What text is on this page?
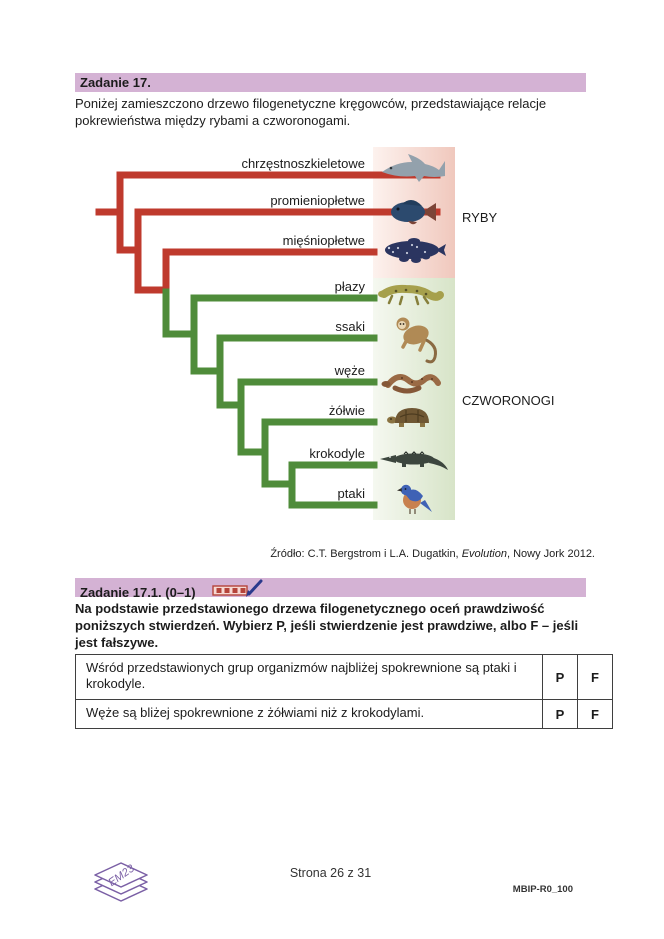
Zadanie 17.
Poniżej zamieszczono drzewo filogenetyczne kręgowców, przedstawiające relacje pokrewieństwa między rybami a czworonogami.
chrzęstnoszkieletowe
promieniopłetwe
mięśniopłetwe
płazy
ssaki
węże
żółwie
krokodyle
ptaki
RYBY
CZWORONOGI
Źródło: C.T. Bergstrom i L.A. Dugatkin, Evolution, Nowy Jork 2012.
Zadanie 17.1. (0–1)
Na podstawie przedstawionego drzewa filogenetycznego oceń prawdziwość poniższych stwierdzeń. Wybierz P, jeśli stwierdzenie jest prawdziwe, albo F – jeśli jest fałszywe.
Wśród przedstawionych grup organizmów najbliżej spokrewnione są ptaki i krokodyle.	P	F
Węże są bliżej spokrewnione z żółwiami niż z krokodylami.	P	F
EM23	Strona 26 z 31
MBIP-R0_100
